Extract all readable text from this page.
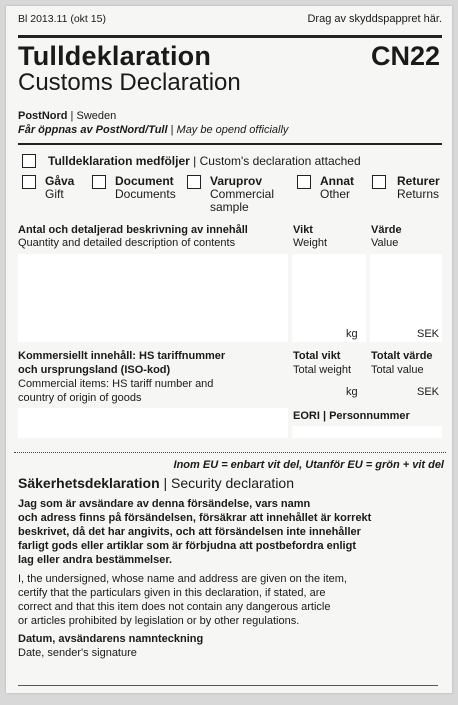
Bl 2013.11 (okt 15)	Drag av skyddspappret här.
Tulldeklaration	CN22
Customs Declaration
PostNord | Sweden
Får öppnas av PostNord/Tull | May be opend officially
Tulldeklaration medföljer | Custom's declaration attached
Gåva
Gift
Document
Documents
Varuprov
Commercial sample
Annat
Other
Returer
Returns
Antal och detaljerad beskrivning av innehåll
Quantity and detailed description of contents
Vikt
Weight
Värde
Value
kg	SEK
Kommersiellt innehåll: HS tariffnummer
och ursprungsland (ISO-kod)
Commercial items: HS tariff number and
country of origin of goods
Total vikt
Total weight
Totalt värde
Total value
kg	SEK
EORI | Personnummer
Inom EU = enbart vit del, Utanför EU = grön + vit del
Säkerhetsdeklaration | Security declaration
Jag som är avsändare av denna försändelse, vars namn
och adress finns på försändelsen, försäkrar att innehållet är korrekt
beskrivet, då det har angivits, och att försändelsen inte innehåller
farligt gods eller artiklar som är förbjudna att postbefordra enligt
lag eller andra bestämmelser.
I, the undersigned, whose name and address are given on the item,
certify that the particulars given in this declaration, if stated, are
correct and that this item does not contain any dangerous article
or articles prohibited by legislation or by other regulations.
Datum, avsändarens namnteckning
Date, sender's signature
